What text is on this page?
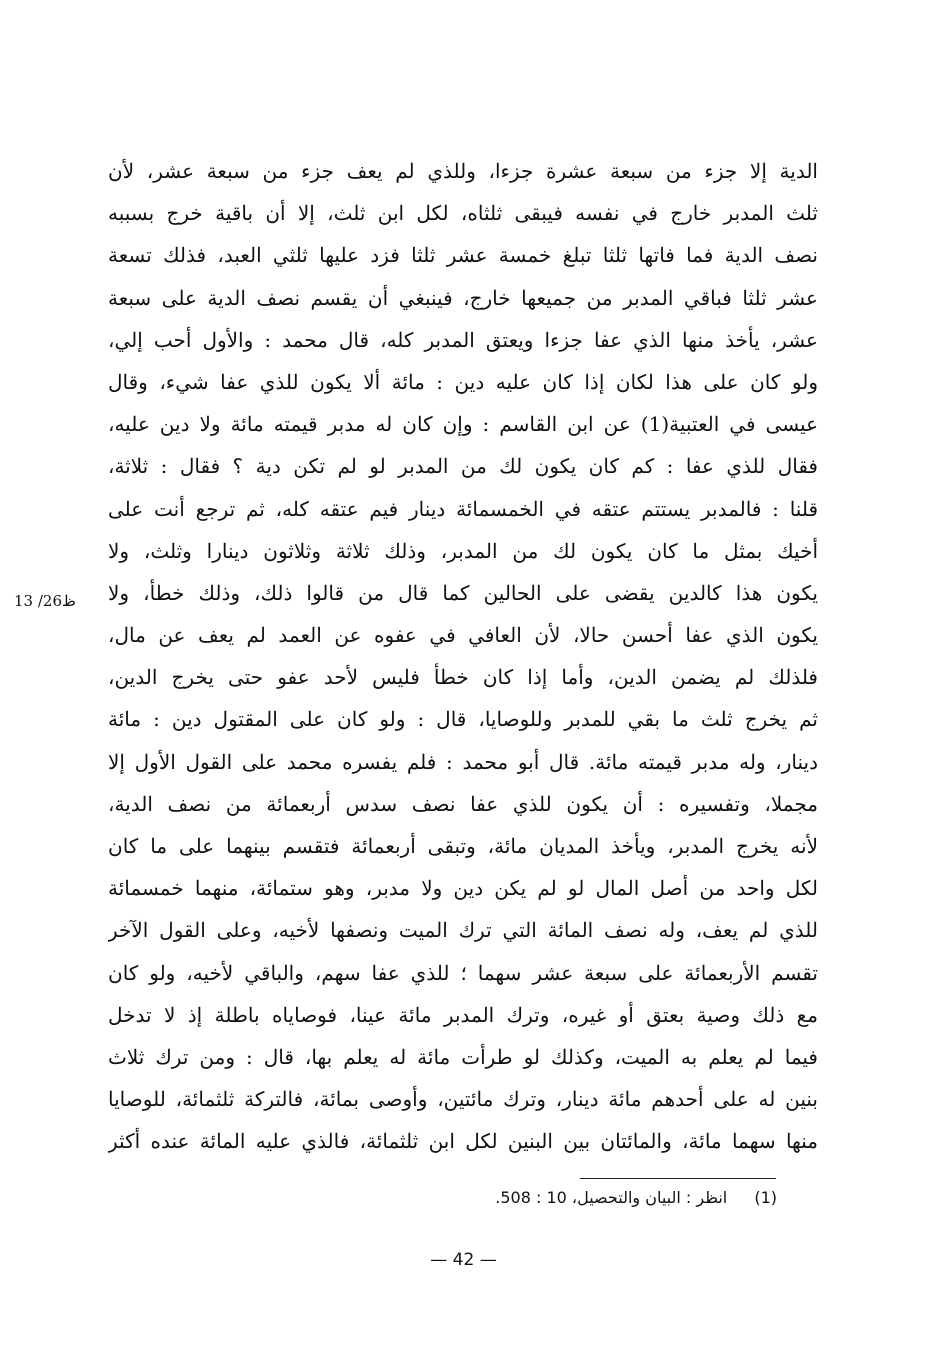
الدية إلا جزء من سبعة عشرة جزءا، وللذي لم يعف جزء من سبعة عشر، لأن
ثلث المدبر خارج في نفسه فيبقى ثلثاه، لكل ابن ثلث، إلا أن باقية خرج بسببه
نصف الدية فما فاتها ثلثا تبلغ خمسة عشر ثلثا فزد عليها ثلثي العبد، فذلك تسعة
عشر ثلثا فباقي المدبر من جميعها خارج، فينبغي أن يقسم نصف الدية على سبعة
عشر، يأخذ منها الذي عفا جزءا ويعتق المدبر كله، قال محمد : والأول أحب إلي،
ولو كان على هذا لكان إذا كان عليه دين : مائة ألا يكون للذي عفا شيء، وقال
عيسى في العتبية(1) عن ابن القاسم : وإن كان له مدبر قيمته مائة ولا دين عليه،
فقال للذي عفا : كم كان يكون لك من المدبر لو لم تكن دية ؟ فقال : ثلاثة،
قلنا : فالمدبر يستتم عتقه في الخمسمائة دينار فيم عتقه كله، ثم ترجع أنت على
أخيك بمثل ما كان يكون لك من المدبر، وذلك ثلاثة وثلاثون دينارا وثلث، ولا
يكون هذا كالدين يقضى على الحالين كما قال من قالوا ذلك، وذلك خطأ، ولا
يكون الذي عفا أحسن حالا، لأن العافي في عفوه عن العمد لم يعف عن مال،
فلذلك لم يضمن الدين، وأما إذا كان خطأ فليس لأحد عفو حتى يخرج الدين،
ثم يخرج ثلث ما بقي للمدبر وللوصايا، قال : ولو كان على المقتول دين : مائة
دينار، وله مدبر قيمته مائة. قال أبو محمد : فلم يفسره محمد على القول الأول إلا
مجملا، وتفسيره : أن يكون للذي عفا نصف سدس أربعمائة من نصف الدية،
لأنه يخرج المدبر، ويأخذ المديان مائة، وتبقى أربعمائة فتقسم بينهما على ما كان
لكل واحد من أصل المال لو لم يكن دين ولا مدبر، وهو ستمائة، منهما خمسمائة
للذي لم يعف، وله نصف المائة التي ترك الميت ونصفها لأخيه، وعلى القول الآخر
تقسم الأربعمائة على سبعة عشر سهما ؛ للذي عفا سهم، والباقي لأخيه، ولو كان
مع ذلك وصية بعتق أو غيره، وترك المدبر مائة عينا، فوصاياه باطلة إذ لا تدخل
فيما لم يعلم به الميت، وكذلك لو طرأت مائة له يعلم بها، قال : ومن ترك ثلاث
بنين له على أحدهم مائة دينار، وترك مائتين، وأوصى بمائة، فالتركة ثلثمائة، للوصايا
منها سهما مائة، والمائتان بين البنين لكل ابن ثلثمائة، فالذي عليه المائة عنده أكثر
13 /26ظ
(1) انظر : البيان والتحصيل، 10 : 508.
— 42 —
